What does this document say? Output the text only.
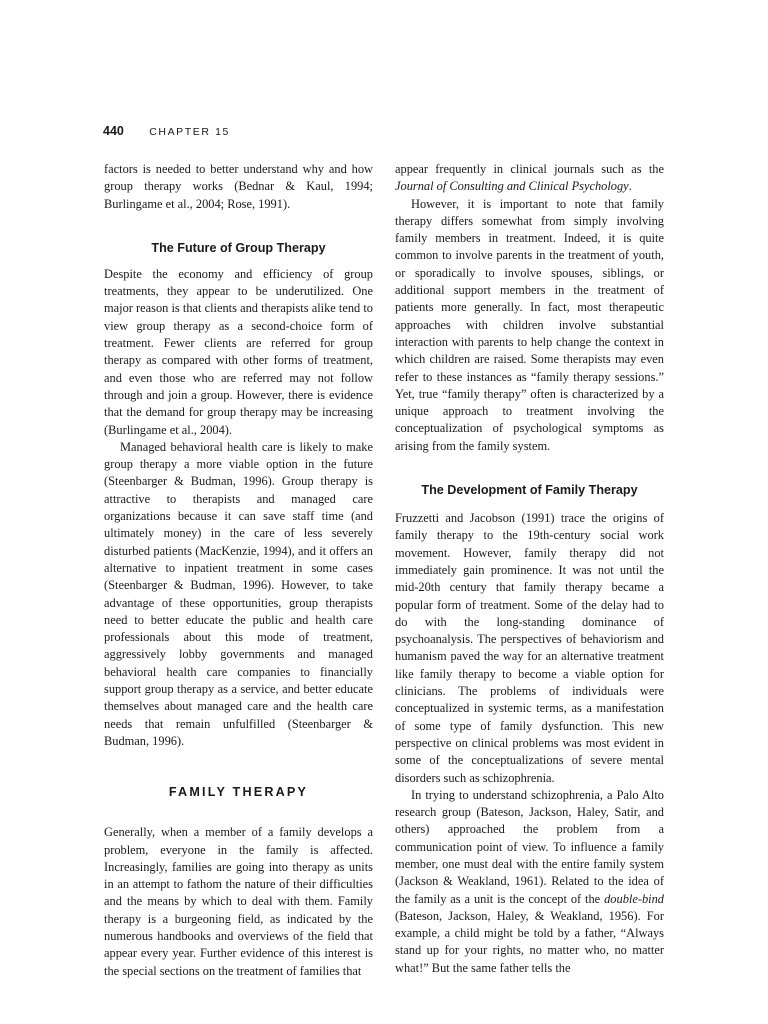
440 CHAPTER 15

factors is needed to better understand why and how group therapy works (Bednar & Kaul, 1994; Burlingame et al., 2004; Rose, 1991).

The Future of Group Therapy

Despite the economy and efficiency of group treatments, they appear to be underutilized. One major reason is that clients and therapists alike tend to view group therapy as a second-choice form of treatment. Fewer clients are referred for group therapy as compared with other forms of treatment, and even those who are referred may not follow through and join a group. However, there is evidence that the demand for group therapy may be increasing (Burlingame et al., 2004).

Managed behavioral health care is likely to make group therapy a more viable option in the future (Steenbarger & Budman, 1996). Group therapy is attractive to therapists and managed care organizations because it can save staff time (and ultimately money) in the care of less severely disturbed patients (MacKenzie, 1994), and it offers an alternative to inpatient treatment in some cases (Steenbarger & Budman, 1996). However, to take advantage of these opportunities, group therapists need to better educate the public and health care professionals about this mode of treatment, aggressively lobby governments and managed behavioral health care companies to financially support group therapy as a service, and better educate themselves about managed care and the health care needs that remain unfulfilled (Steenbarger & Budman, 1996).

FAMILY THERAPY

Generally, when a member of a family develops a problem, everyone in the family is affected. Increasingly, families are going into therapy as units in an attempt to fathom the nature of their difficulties and the means by which to deal with them. Family therapy is a burgeoning field, as indicated by the numerous handbooks and overviews of the field that appear every year. Further evidence of this interest is the special sections on the treatment of families that

appear frequently in clinical journals such as the Journal of Consulting and Clinical Psychology.

However, it is important to note that family therapy differs somewhat from simply involving family members in treatment. Indeed, it is quite common to involve parents in the treatment of youth, or sporadically to involve spouses, siblings, or additional support members in the treatment of patients more generally. In fact, most therapeutic approaches with children involve substantial interaction with parents to help change the context in which children are raised. Some therapists may even refer to these instances as “family therapy sessions.” Yet, true “family therapy” often is characterized by a unique approach to treatment involving the conceptualization of psychological symptoms as arising from the family system.

The Development of Family Therapy

Fruzzetti and Jacobson (1991) trace the origins of family therapy to the 19th-century social work movement. However, family therapy did not immediately gain prominence. It was not until the mid-20th century that family therapy became a popular form of treatment. Some of the delay had to do with the long-standing dominance of psychoanalysis. The perspectives of behaviorism and humanism paved the way for an alternative treatment like family therapy to become a viable option for clinicians. The problems of individuals were conceptualized in systemic terms, as a manifestation of some type of family dysfunction. This new perspective on clinical problems was most evident in some of the conceptualizations of severe mental disorders such as schizophrenia.

In trying to understand schizophrenia, a Palo Alto research group (Bateson, Jackson, Haley, Satir, and others) approached the problem from a communication point of view. To influence a family member, one must deal with the entire family system (Jackson & Weakland, 1961). Related to the idea of the family as a unit is the concept of the double-bind (Bateson, Jackson, Haley, & Weakland, 1956). For example, a child might be told by a father, “Always stand up for your rights, no matter who, no matter what!” But the same father tells the
